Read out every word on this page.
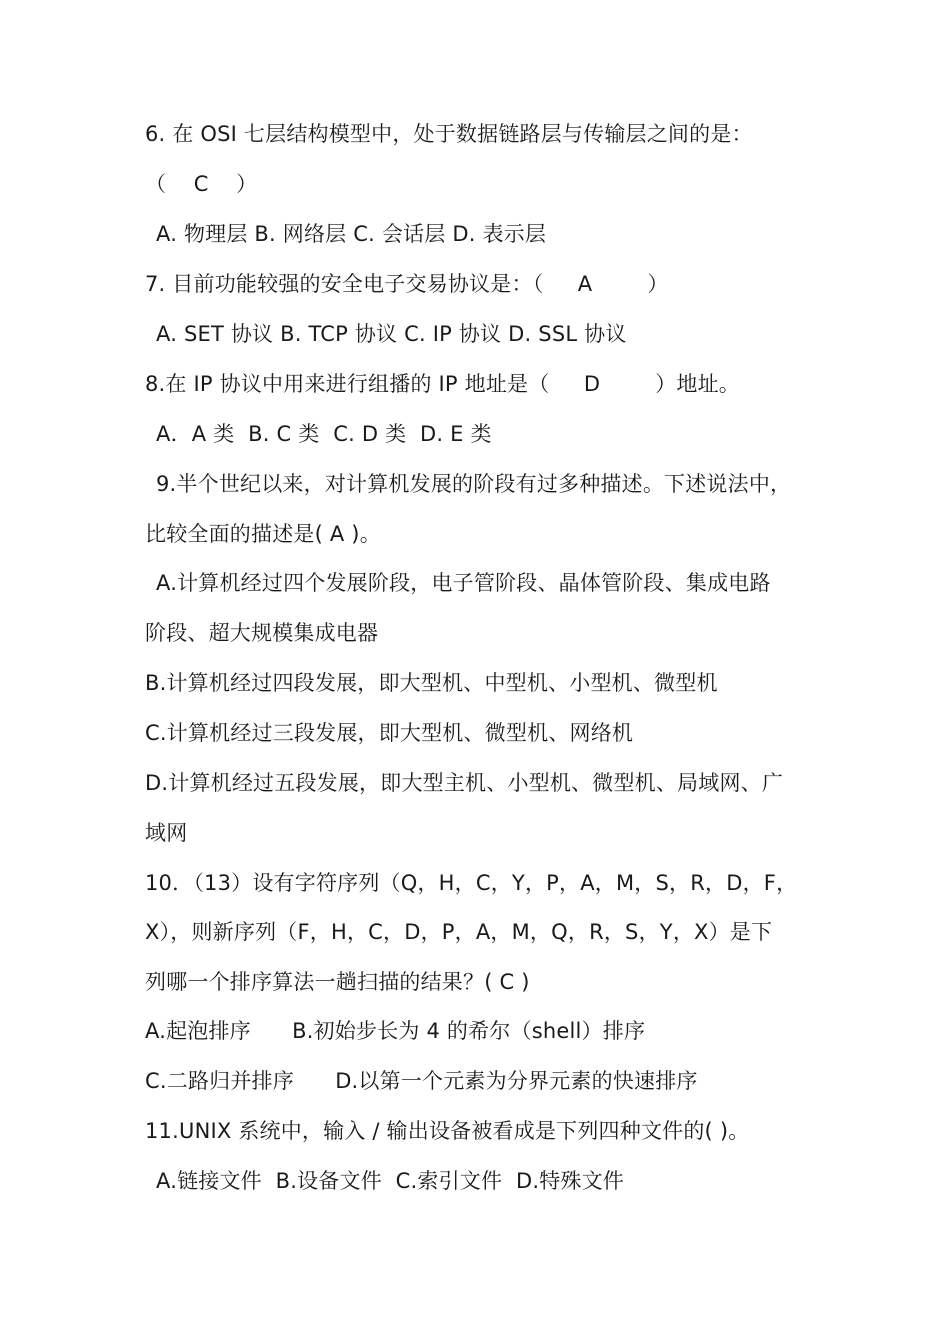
6. 在 OSI 七层结构模型中，处于数据链路层与传输层之间的是：
（    C    ）
A. 物理层 B. 网络层 C. 会话层 D. 表示层
7. 目前功能较强的安全电子交易协议是：（     A        ）
A. SET 协议 B. TCP 协议 C. IP 协议 D. SSL 协议
8.在 IP 协议中用来进行组播的 IP 地址是（     D        ）地址。
A．A 类  B. C 类  C. D 类  D. E 类
9.半个世纪以来，对计算机发展的阶段有过多种描述。下述说法中，
比较全面的描述是( A )。
A.计算机经过四个发展阶段，电子管阶段、晶体管阶段、集成电路
阶段、超大规模集成电器
B.计算机经过四段发展，即大型机、中型机、小型机、微型机
C.计算机经过三段发展，即大型机、微型机、网络机
D.计算机经过五段发展，即大型主机、小型机、微型机、局域网、广
域网
10．（13）设有字符序列（Q，H，C，Y，P，A，M，S，R，D，F，
X），则新序列（F，H，C，D，P，A，M，Q，R，S，Y，X）是下
列哪一个排序算法一趟扫描的结果？( C )
A.起泡排序      B.初始步长为 4 的希尔（shell）排序
C.二路归并排序      D.以第一个元素为分界元素的快速排序
11.UNIX 系统中，输入 / 输出设备被看成是下列四种文件的( )。
A.链接文件  B.设备文件  C.索引文件  D.特殊文件
